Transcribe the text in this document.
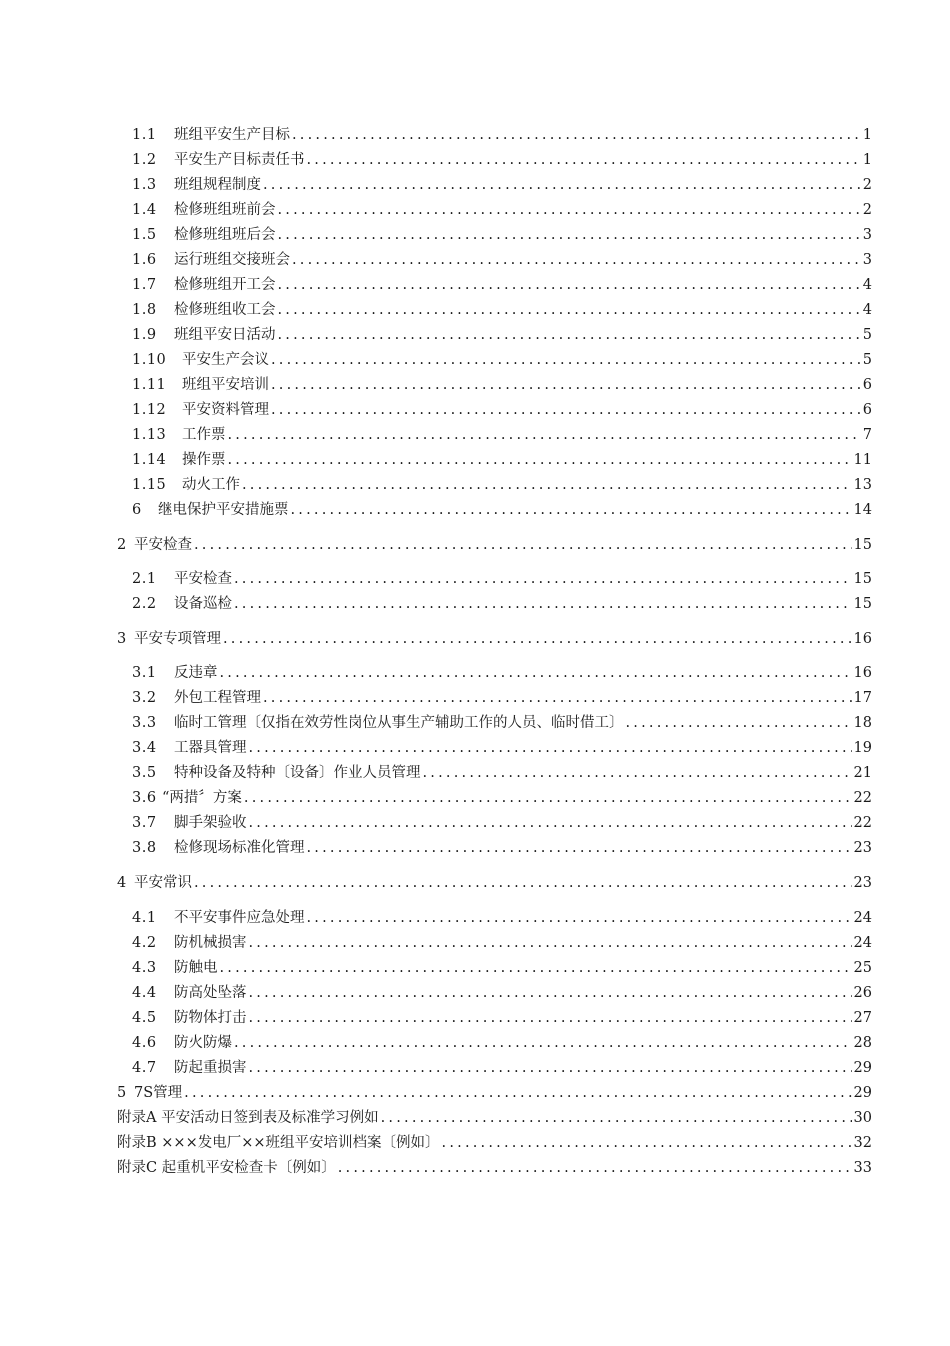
1.1	班组平安生产目标 .....	1
1.2	平安生产目标责任书 .....	1
1.3	班组规程制度 .....	2
1.4	检修班组班前会 .....	2
1.5	检修班组班后会 .....	3
1.6	运行班组交接班会 .....	3
1.7	检修班组开工会 .....	4
1.8	检修班组收工会 .....	4
1.9	班组平安日活动 .....	5
1.10	平安生产会议 .....	5
1.11	班组平安培训 .....	6
1.12	平安资料管理 .....	6
1.13	工作票 .....	7
1.14	操作票 .....	11
1.15	动火工作 .....	13
6	继电保护平安措施票 .....	14
2 平安检查 .....	15
2.1	平安检查 .....	15
2.2	设备巡检 .....	15
3 平安专项管理 .....	16
3.1	反违章 .....	16
3.2	外包工程管理 .....	17
3.3	临时工管理〔仅指在效劳性岗位从事生产辅助工作的人员、临时借工〕 .....	18
3.4	工器具管理 .....	19
3.5	特种设备及特种〔设备〕作业人员管理 .....	21
3.6 “两措〞方案 .....	22
3.7	脚手架验收 .....	22
3.8	检修现场标准化管理 .....	23
4 平安常识 .....	23
4.1	不平安事件应急处理 .....	24
4.2	防机械损害 .....	24
4.3	防触电 .....	25
4.4	防高处坠落 .....	26
4.5	防物体打击 .....	27
4.6	防火防爆 .....	28
4.7	防起重损害 .....	29
5 7S管理 .....	29
附录A 平安活动日签到表及标准学习例如 .....	30
附录B ×××发电厂××班组平安培训档案〔例如〕 .....	32
附录C 起重机平安检查卡〔例如〕 .....	33
